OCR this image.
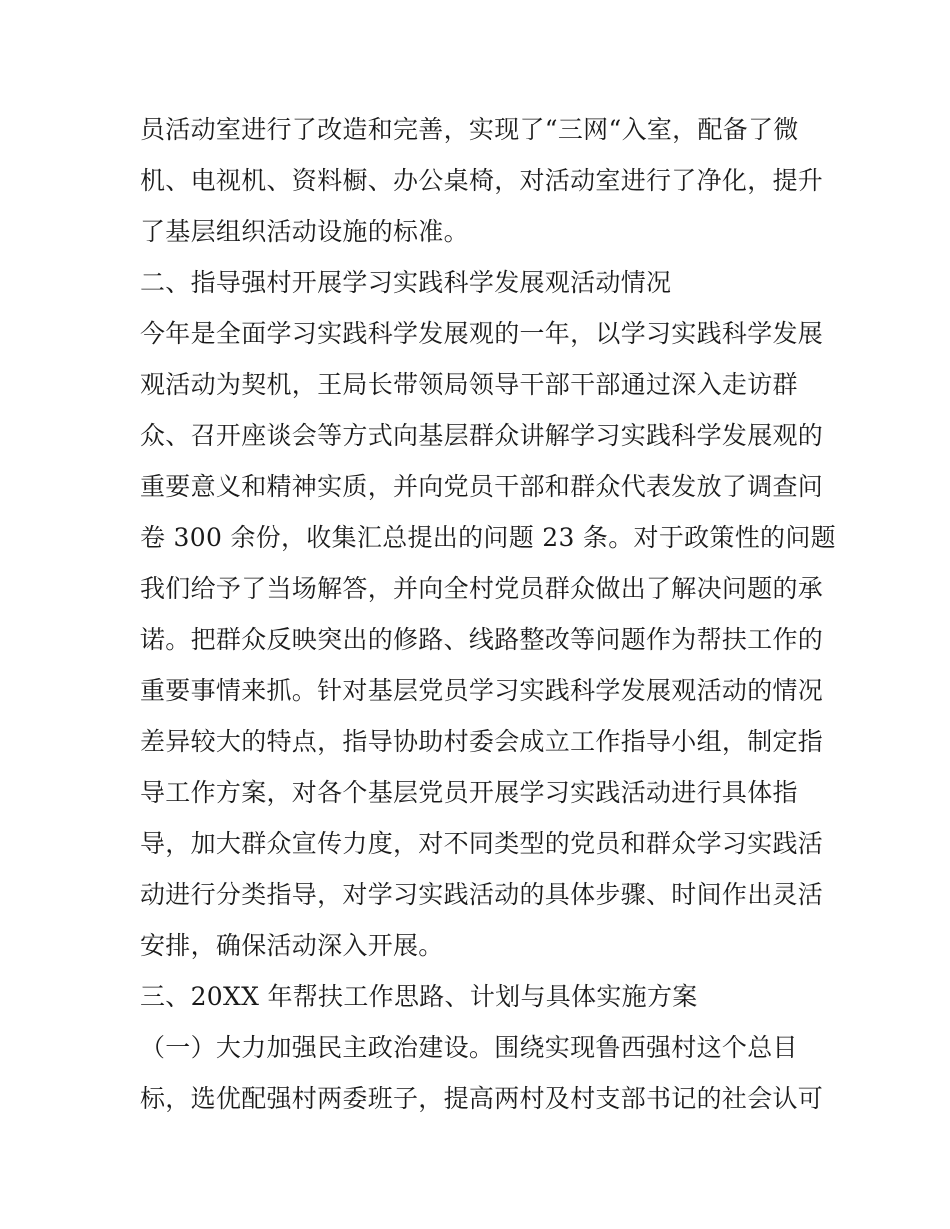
员活动室进行了改造和完善，实现了“三网“入室，配备了微
机、电视机、资料橱、办公桌椅，对活动室进行了净化，提升
了基层组织活动设施的标准。
二、指导强村开展学习实践科学发展观活动情况
今年是全面学习实践科学发展观的一年，以学习实践科学发展
观活动为契机，王局长带领局领导干部干部通过深入走访群
众、召开座谈会等方式向基层群众讲解学习实践科学发展观的
重要意义和精神实质，并向党员干部和群众代表发放了调查问
卷 300 余份，收集汇总提出的问题 23 条。对于政策性的问题
我们给予了当场解答，并向全村党员群众做出了解决问题的承
诺。把群众反映突出的修路、线路整改等问题作为帮扶工作的
重要事情来抓。针对基层党员学习实践科学发展观活动的情况
差异较大的特点，指导协助村委会成立工作指导小组，制定指
导工作方案，对各个基层党员开展学习实践活动进行具体指
导，加大群众宣传力度，对不同类型的党员和群众学习实践活
动进行分类指导，对学习实践活动的具体步骤、时间作出灵活
安排，确保活动深入开展。
三、20XX 年帮扶工作思路、计划与具体实施方案
（一）大力加强民主政治建设。围绕实现鲁西强村这个总目
标，选优配强村两委班子，提高两村及村支部书记的社会认可
